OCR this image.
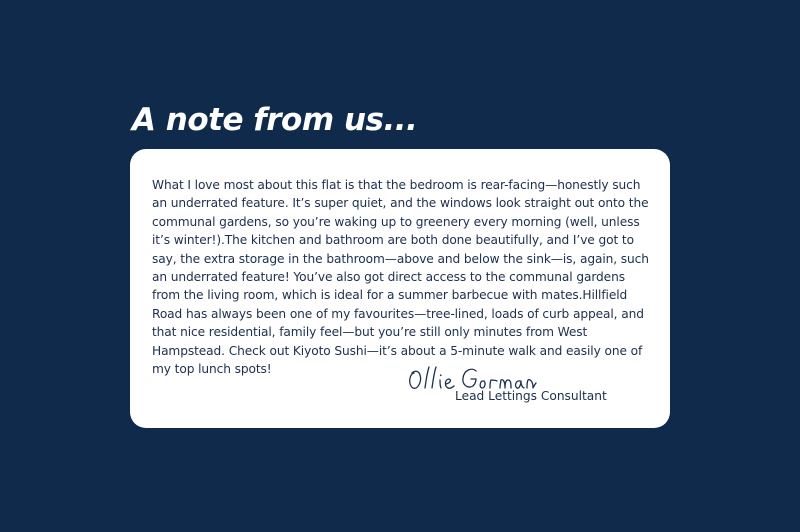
A note from us...

What I love most about this flat is that the bedroom is rear-facing—honestly such an underrated feature. It’s super quiet, and the windows look straight out onto the communal gardens, so you’re waking up to greenery every morning (well, unless it’s winter!).The kitchen and bathroom are both done beautifully, and I’ve got to say, the extra storage in the bathroom—above and below the sink—is, again, such an underrated feature! You’ve also got direct access to the communal gardens from the living room, which is ideal for a summer barbecue with mates.Hillfield Road has always been one of my favourites—tree-lined, loads of curb appeal, and that nice residential, family feel—but you’re still only minutes from West Hampstead. Check out Kiyoto Sushi—it’s about a 5-minute walk and easily one of my top lunch spots!

Ollie Gorman

Lead Lettings Consultant
